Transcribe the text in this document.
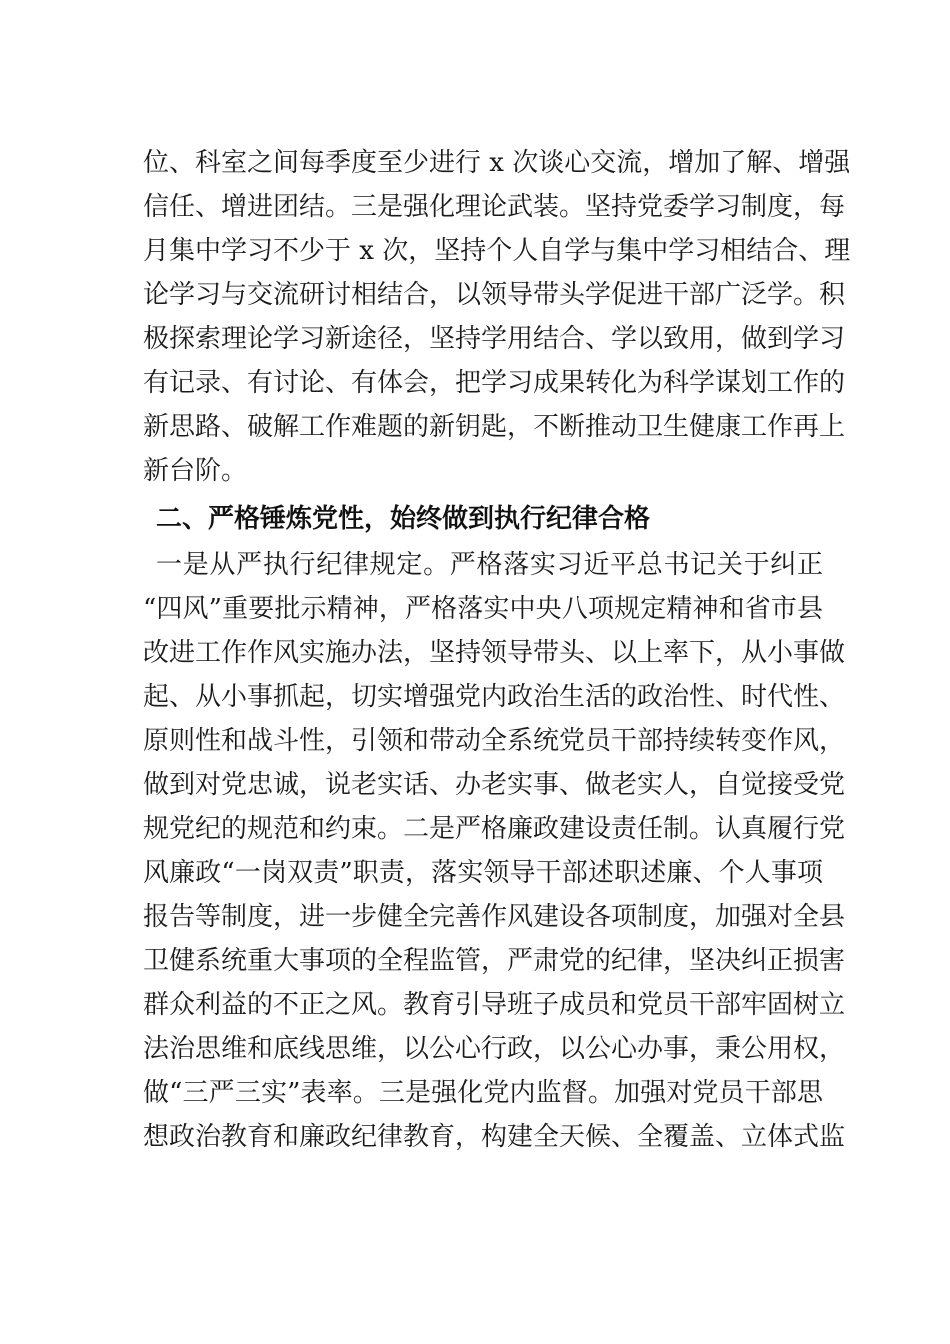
位、科室之间每季度至少进行 x 次谈心交流，增加了解、增强
信任、增进团结。三是强化理论武装。坚持党委学习制度，每
月集中学习不少于 x 次，坚持个人自学与集中学习相结合、理
论学习与交流研讨相结合，以领导带头学促进干部广泛学。积
极探索理论学习新途径，坚持学用结合、学以致用，做到学习
有记录、有讨论、有体会，把学习成果转化为科学谋划工作的
新思路、破解工作难题的新钥匙，不断推动卫生健康工作再上
新台阶。
二、严格锤炼党性，始终做到执行纪律合格
一是从严执行纪律规定。严格落实习近平总书记关于纠正
“四风”重要批示精神，严格落实中央八项规定精神和省市县
改进工作作风实施办法，坚持领导带头、以上率下，从小事做
起、从小事抓起，切实增强党内政治生活的政治性、时代性、
原则性和战斗性，引领和带动全系统党员干部持续转变作风，
做到对党忠诚，说老实话、办老实事、做老实人，自觉接受党
规党纪的规范和约束。二是严格廉政建设责任制。认真履行党
风廉政“一岗双责”职责，落实领导干部述职述廉、个人事项
报告等制度，进一步健全完善作风建设各项制度，加强对全县
卫健系统重大事项的全程监管，严肃党的纪律，坚决纠正损害
群众利益的不正之风。教育引导班子成员和党员干部牢固树立
法治思维和底线思维，以公心行政，以公心办事，秉公用权，
做“三严三实”表率。三是强化党内监督。加强对党员干部思
想政治教育和廉政纪律教育，构建全天候、全覆盖、立体式监
